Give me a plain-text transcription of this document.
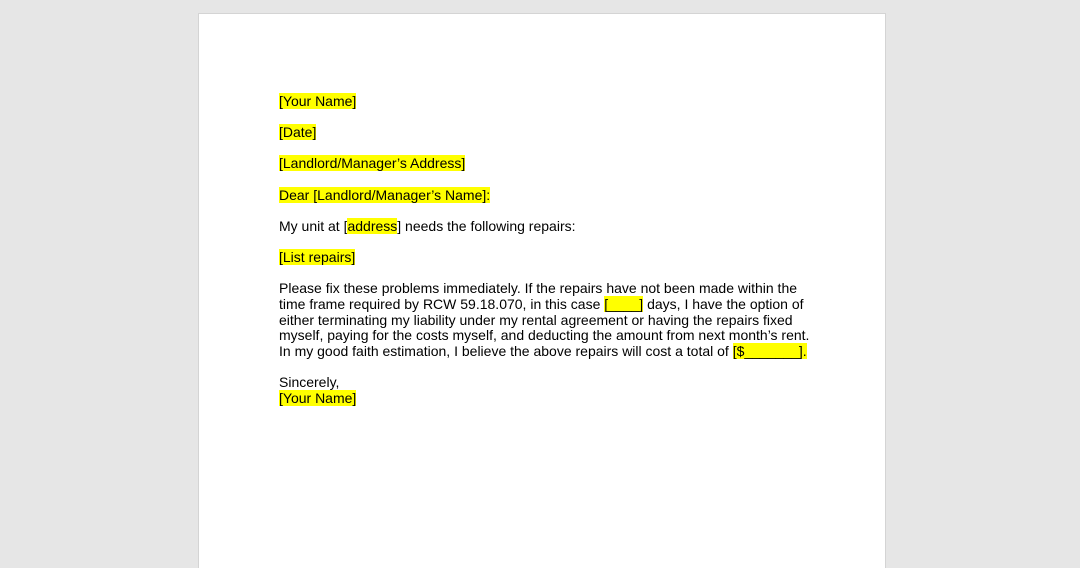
[Your Name]
[Date]
[Landlord/Manager’s Address]
Dear [Landlord/Manager’s Name]:
My unit at [address] needs the following repairs:
[List repairs]
Please fix these problems immediately. If the repairs have not been made within the
time frame required by RCW 59.18.070, in this case [____] days, I have the option of
either terminating my liability under my rental agreement or having the repairs fixed
myself, paying for the costs myself, and deducting the amount from next month’s rent.
In my good faith estimation, I believe the above repairs will cost a total of [$_______].
Sincerely,
[Your Name]
